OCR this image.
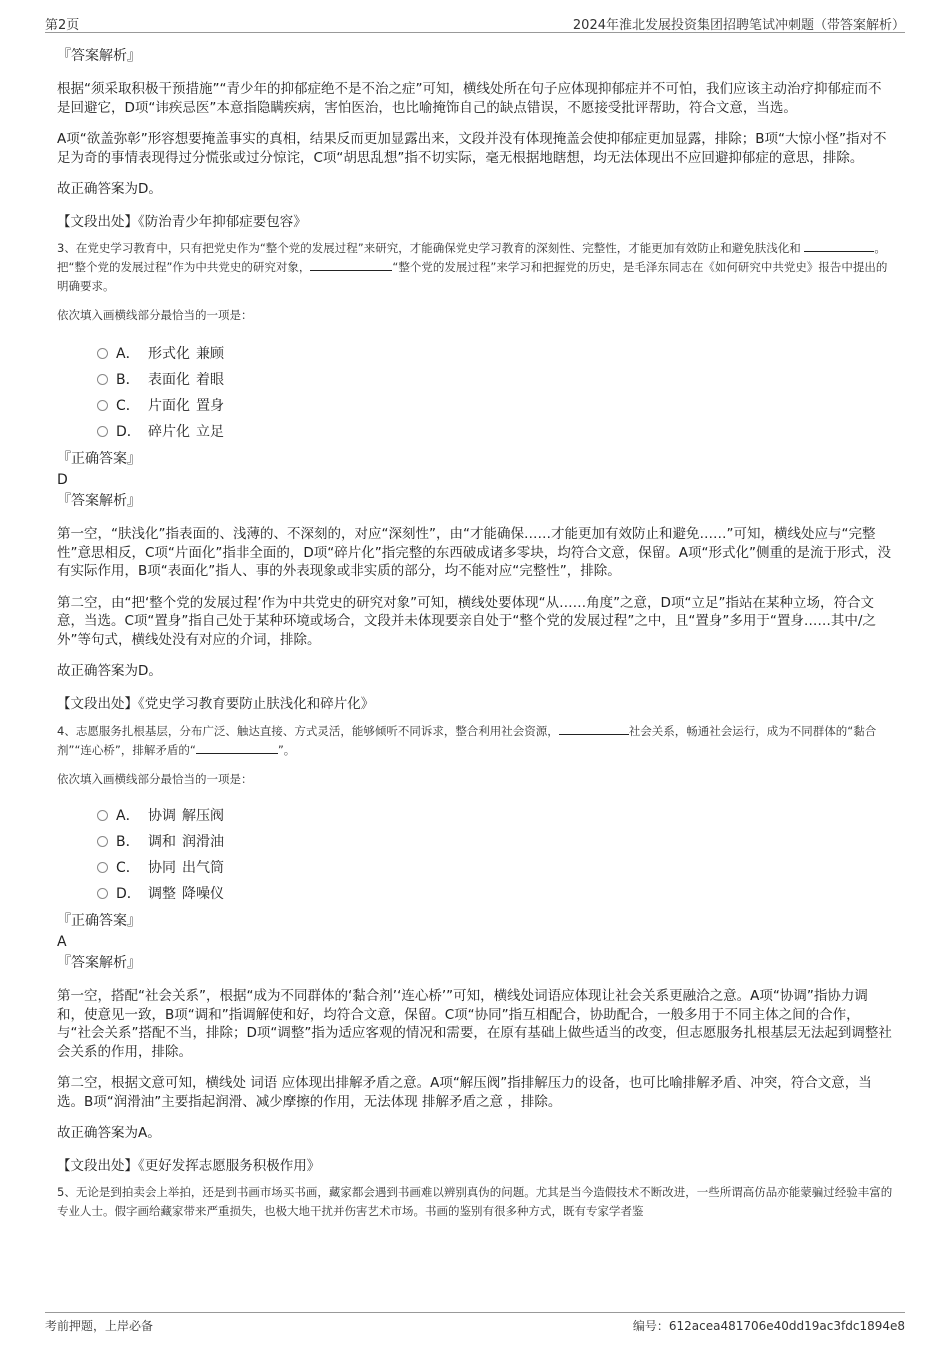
第2页	2024年淮北发展投资集团招聘笔试冲刺题（带答案解析）
『答案解析』
根据“须采取积极干预措施”“青少年的抑郁症绝不是不治之症”可知，横线处所在句子应体现抑郁症并不可怕，我们应该主动治疗抑郁症而不是回避它，D项“讳疾忌医”本意指隐瞒疾病，害怕医治，也比喻掩饰自己的缺点错误，不愿接受批评帮助，符合文意，当选。
A项“欲盖弥彰”形容想要掩盖事实的真相，结果反而更加显露出来，文段并没有体现掩盖会使抑郁症更加显露，排除；B项“大惊小怪”指对不足为奇的事情表现得过分慌张或过分惊诧，C项“胡思乱想”指不切实际，毫无根据地瞎想，均无法体现出不应回避抑郁症的意思，排除。
故正确答案为D。
【文段出处】《防治青少年抑郁症要包容》
3、在党史学习教育中，只有把党史作为“整个党的发展过程”来研究，才能确保党史学习教育的深刻性、完整性，才能更加有效防止和避免肤浅化和	。把“整个党的发展过程”作为中共党史的研究对象，	“整个党的发展过程”来学习和把握党的历史，是毛泽东同志在《如何研究中共党史》报告中提出的明确要求。
依次填入画横线部分最恰当的一项是：
A． 形式化 兼顾
B． 表面化 着眼
C． 片面化 置身
D． 碎片化 立足
『正确答案』
D
『答案解析』
第一空，“肤浅化”指表面的、浅薄的、不深刻的，对应“深刻性”，由“才能确保……才能更加有效防止和避免……”可知，横线处应与“完整性”意思相反，C项“片面化”指非全面的，D项“碎片化”指完整的东西破成诸多零块，均符合文意，保留。A项“形式化”侧重的是流于形式，没有实际作用，B项“表面化”指人、事的外表现象或非实质的部分，均不能对应“完整性”，排除。
第二空，由“把‘整个党的发展过程’作为中共党史的研究对象”可知，横线处要体现“从……角度”之意，D项“立足”指站在某种立场，符合文意，当选。C项“置身”指自己处于某种环境或场合，文段并未体现要亲自处于“整个党的发展过程”之中，且“置身”多用于“置身……其中/之外”等句式，横线处没有对应的介词，排除。
故正确答案为D。
【文段出处】《党史学习教育要防止肤浅化和碎片化》
4、志愿服务扎根基层，分布广泛、触达直接、方式灵活，能够倾听不同诉求，整合利用社会资源，	社会关系，畅通社会运行，成为不同群体的“黏合剂”“连心桥”，排解矛盾的“	”。
依次填入画横线部分最恰当的一项是：
A． 协调 解压阀
B． 调和 润滑油
C． 协同 出气筒
D． 调整 降噪仪
『正确答案』
A
『答案解析』
第一空，搭配“社会关系”，根据“成为不同群体的‘黏合剂’‘连心桥’”可知，横线处词语应体现让社会关系更融洽之意。A项“协调”指协力调和，使意见一致，B项“调和”指调解使和好，均符合文意，保留。C项“协同”指互相配合，协助配合，一般多用于不同主体之间的合作，与“社会关系”搭配不当，排除；D项“调整”指为适应客观的情况和需要，在原有基础上做些适当的改变，但志愿服务扎根基层无法起到调整社会关系的作用，排除。
第二空，根据文意可知，横线处 词语 应体现出排解矛盾之意。A项“解压阀”指排解压力的设备，也可比喻排解矛盾、冲突，符合文意，当选。B项“润滑油”主要指起润滑、减少摩擦的作用，无法体现 排解矛盾之意 ，排除。
故正确答案为A。
【文段出处】《更好发挥志愿服务积极作用》
5、无论是到拍卖会上举拍，还是到书画市场买书画，藏家都会遇到书画难以辨别真伪的问题。尤其是当今造假技术不断改进，一些所谓高仿品亦能蒙骗过经验丰富的专业人士。假字画给藏家带来严重损失，也极大地干扰并伤害艺术市场。书画的鉴别有很多种方式，既有专家学者鉴
考前押题，上岸必备	编号：612acea481706e40dd19ac3fdc1894e8
